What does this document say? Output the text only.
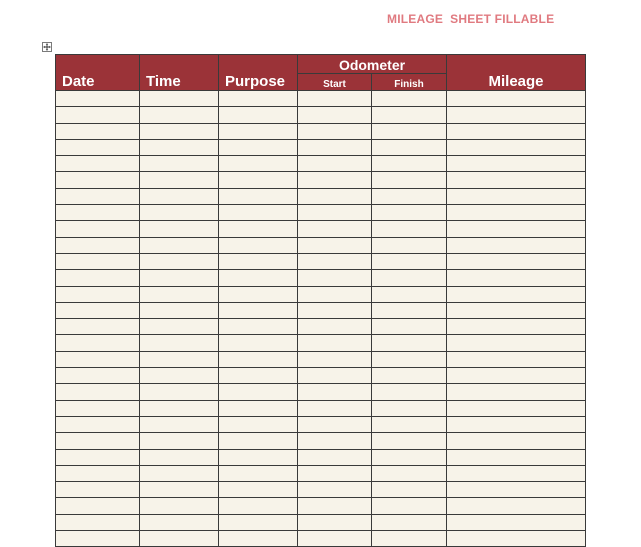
MILEAGE  SHEET FILLABLE
Date	Time	Purpose	Odometer		Mileage
			Start	Finish	
